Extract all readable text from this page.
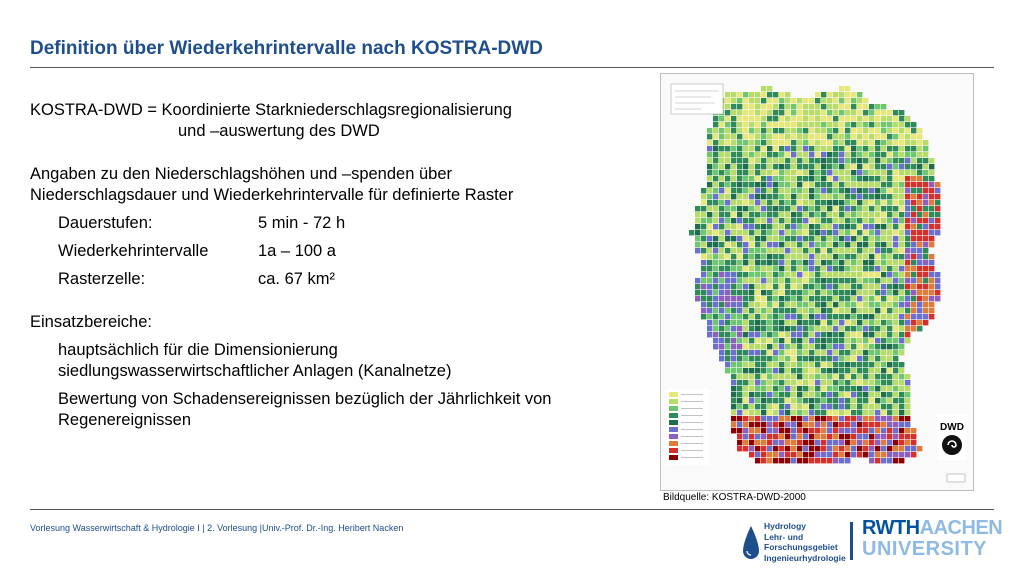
Definition über Wiederkehrintervalle nach KOSTRA-DWD
KOSTRA-DWD = Koordinierte Starkniederschlagsregionalisierung
und –auswertung des DWD
Angaben zu den Niederschlagshöhen und –spenden über
Niederschlagsdauer und Wiederkehrintervalle für definierte Raster
Dauerstufen:	5 min - 72 h
Wiederkehrintervalle	1a – 100 a
Rasterzelle:	ca. 67 km²
Einsatzbereiche:
hauptsächlich für die Dimensionierung
siedlungswasserwirtschaftlicher Anlagen (Kanalnetze)
Bewertung von Schadensereignissen bezüglich der Jährlichkeit von
Regenereignissen	DWD
Bildquelle: KOSTRA-DWD-2000
Vorlesung Wasserwirtschaft & Hydrologie I | 2. Vorlesung |Univ.-Prof. Dr.-Ing. Heribert Nacken	Hydrology
Lehr- und
Forschungsgebiet
Ingenieurhydrologie
RWTHAACHEN
UNIVERSITY
